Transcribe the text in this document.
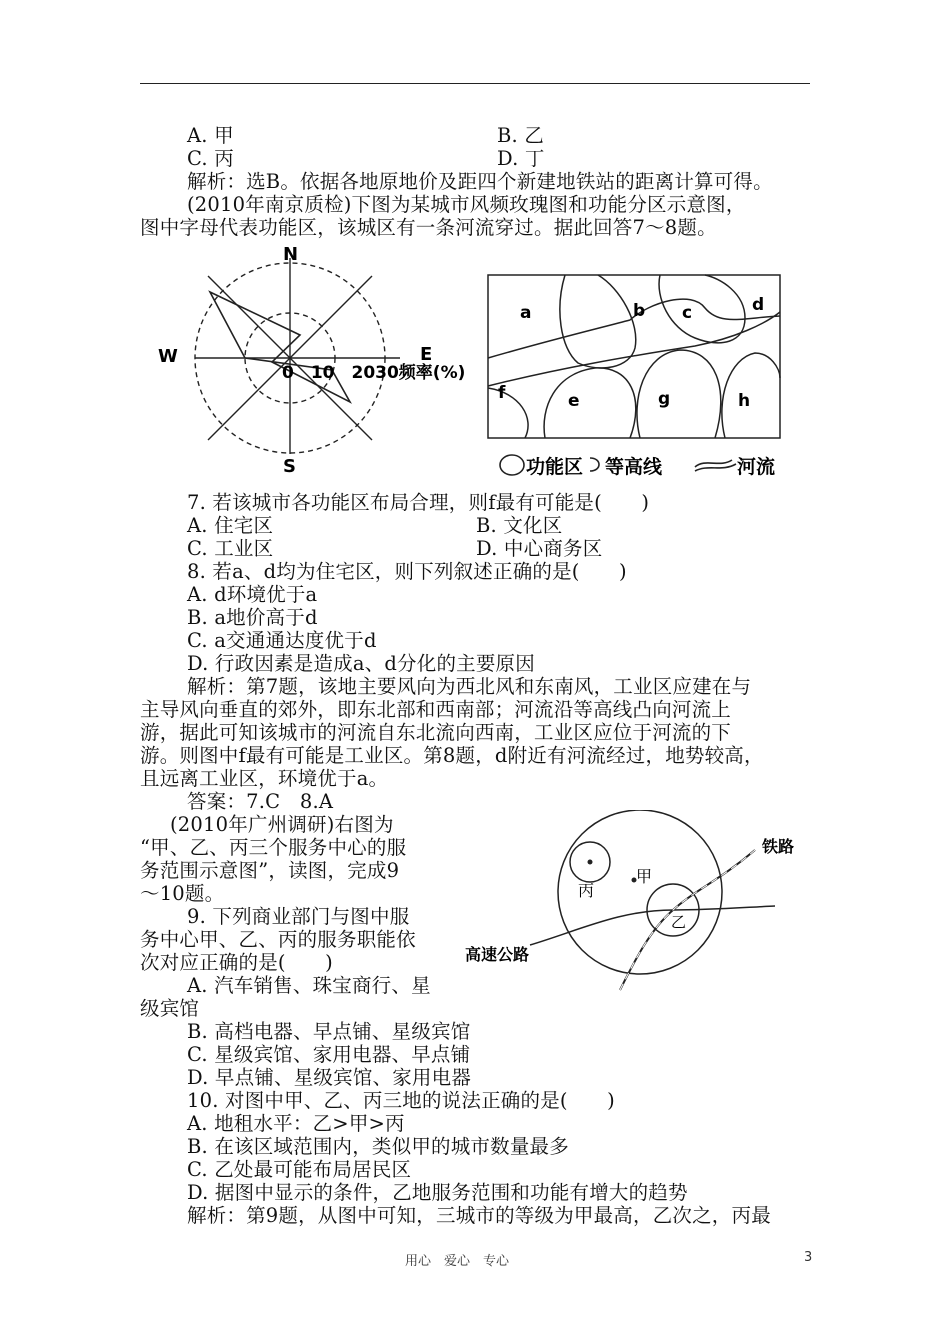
A. 甲	B. 乙
C. 丙	D. 丁
解析：选B。依据各地原地价及距四个新建地铁站的距离计算可得。
(2010年南京质检)下图为某城市风频玫瑰图和功能分区示意图，
图中字母代表功能区，该城区有一条河流穿过。据此回答7～8题。
N
S
W	E
0　10　2030频率(%)
a	b c	d
f	e	g	h
功能区 等高线	河流
7. 若该城市各功能区布局合理，则f最有可能是(　　)
A. 住宅区	B. 文化区
C. 工业区	D. 中心商务区
8. 若a、d均为住宅区，则下列叙述正确的是(　　)
A. d环境优于a
B. a地价高于d
C. a交通通达度优于d
D. 行政因素是造成a、d分化的主要原因
解析：第7题，该地主要风向为西北风和东南风，工业区应建在与
主导风向垂直的郊外，即东北部和西南部；河流沿等高线凸向河流上
游，据此可知该城市的河流自东北流向西南，工业区应位于河流的下
游。则图中f最有可能是工业区。第8题，d附近有河流经过，地势较高，
且远离工业区，环境优于a。
答案：7.C　8.A
(2010年广州调研)右图为
“甲、乙、丙三个服务中心的服
务范围示意图”，读图，完成9
～10题。
9. 下列商业部门与图中服
务中心甲、乙、丙的服务职能依
次对应正确的是(　　)
A. 汽车销售、珠宝商行、星
级宾馆
铁路
高速公路
甲
乙
丙
B. 高档电器、早点铺、星级宾馆
C. 星级宾馆、家用电器、早点铺
D. 早点铺、星级宾馆、家用电器
10. 对图中甲、乙、丙三地的说法正确的是(　　)
A. 地租水平：乙>甲>丙
B. 在该区域范围内，类似甲的城市数量最多
C. 乙处最可能布局居民区
D. 据图中显示的条件，乙地服务范围和功能有增大的趋势
解析：第9题，从图中可知，三城市的等级为甲最高，乙次之，丙最
用心　爱心　专心	3
